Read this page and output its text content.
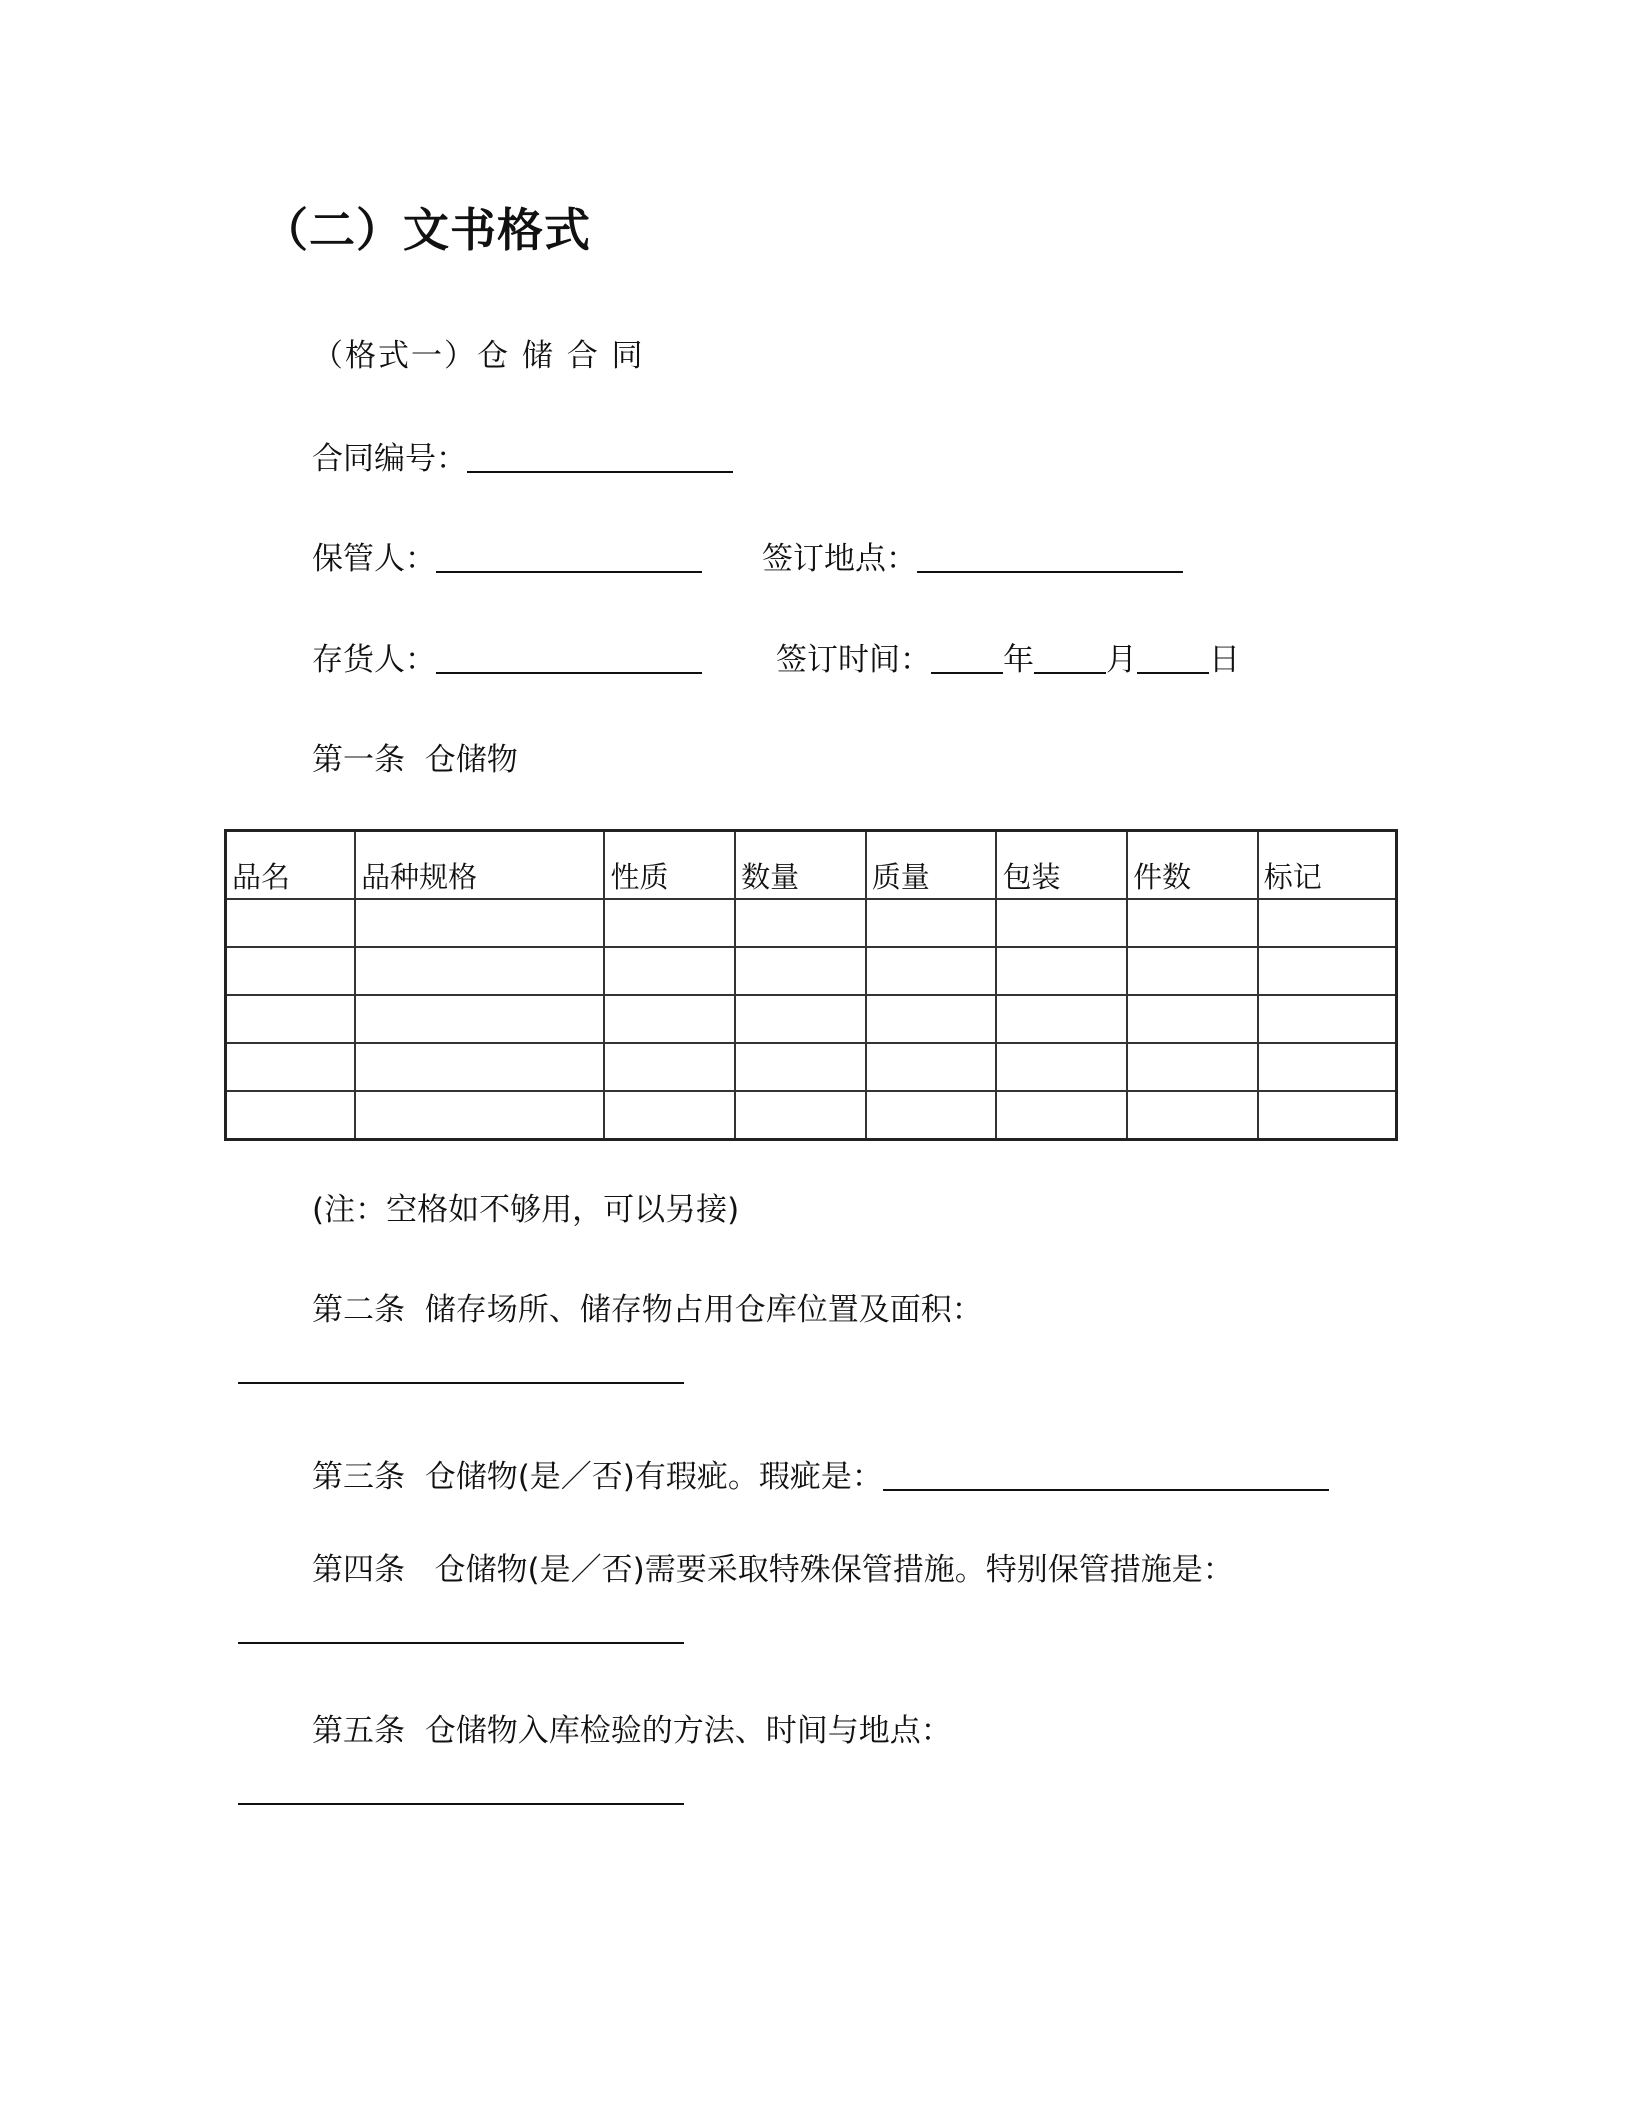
（二）文书格式
（格式一）仓 储 合 同
合同编号：
保管人：	签订地点：
存货人：	签订时间： 年 月 日
第一条  仓储物
品名	品种规格	性质	数量	质量	包装	件数	标记

(注：空格如不够用，可以另接)
第二条  储存场所、储存物占用仓库位置及面积：
第三条  仓储物(是／否)有瑕疵。瑕疵是：
第四条   仓储物(是／否)需要采取特殊保管措施。特别保管措施是：
第五条  仓储物入库检验的方法、时间与地点：
